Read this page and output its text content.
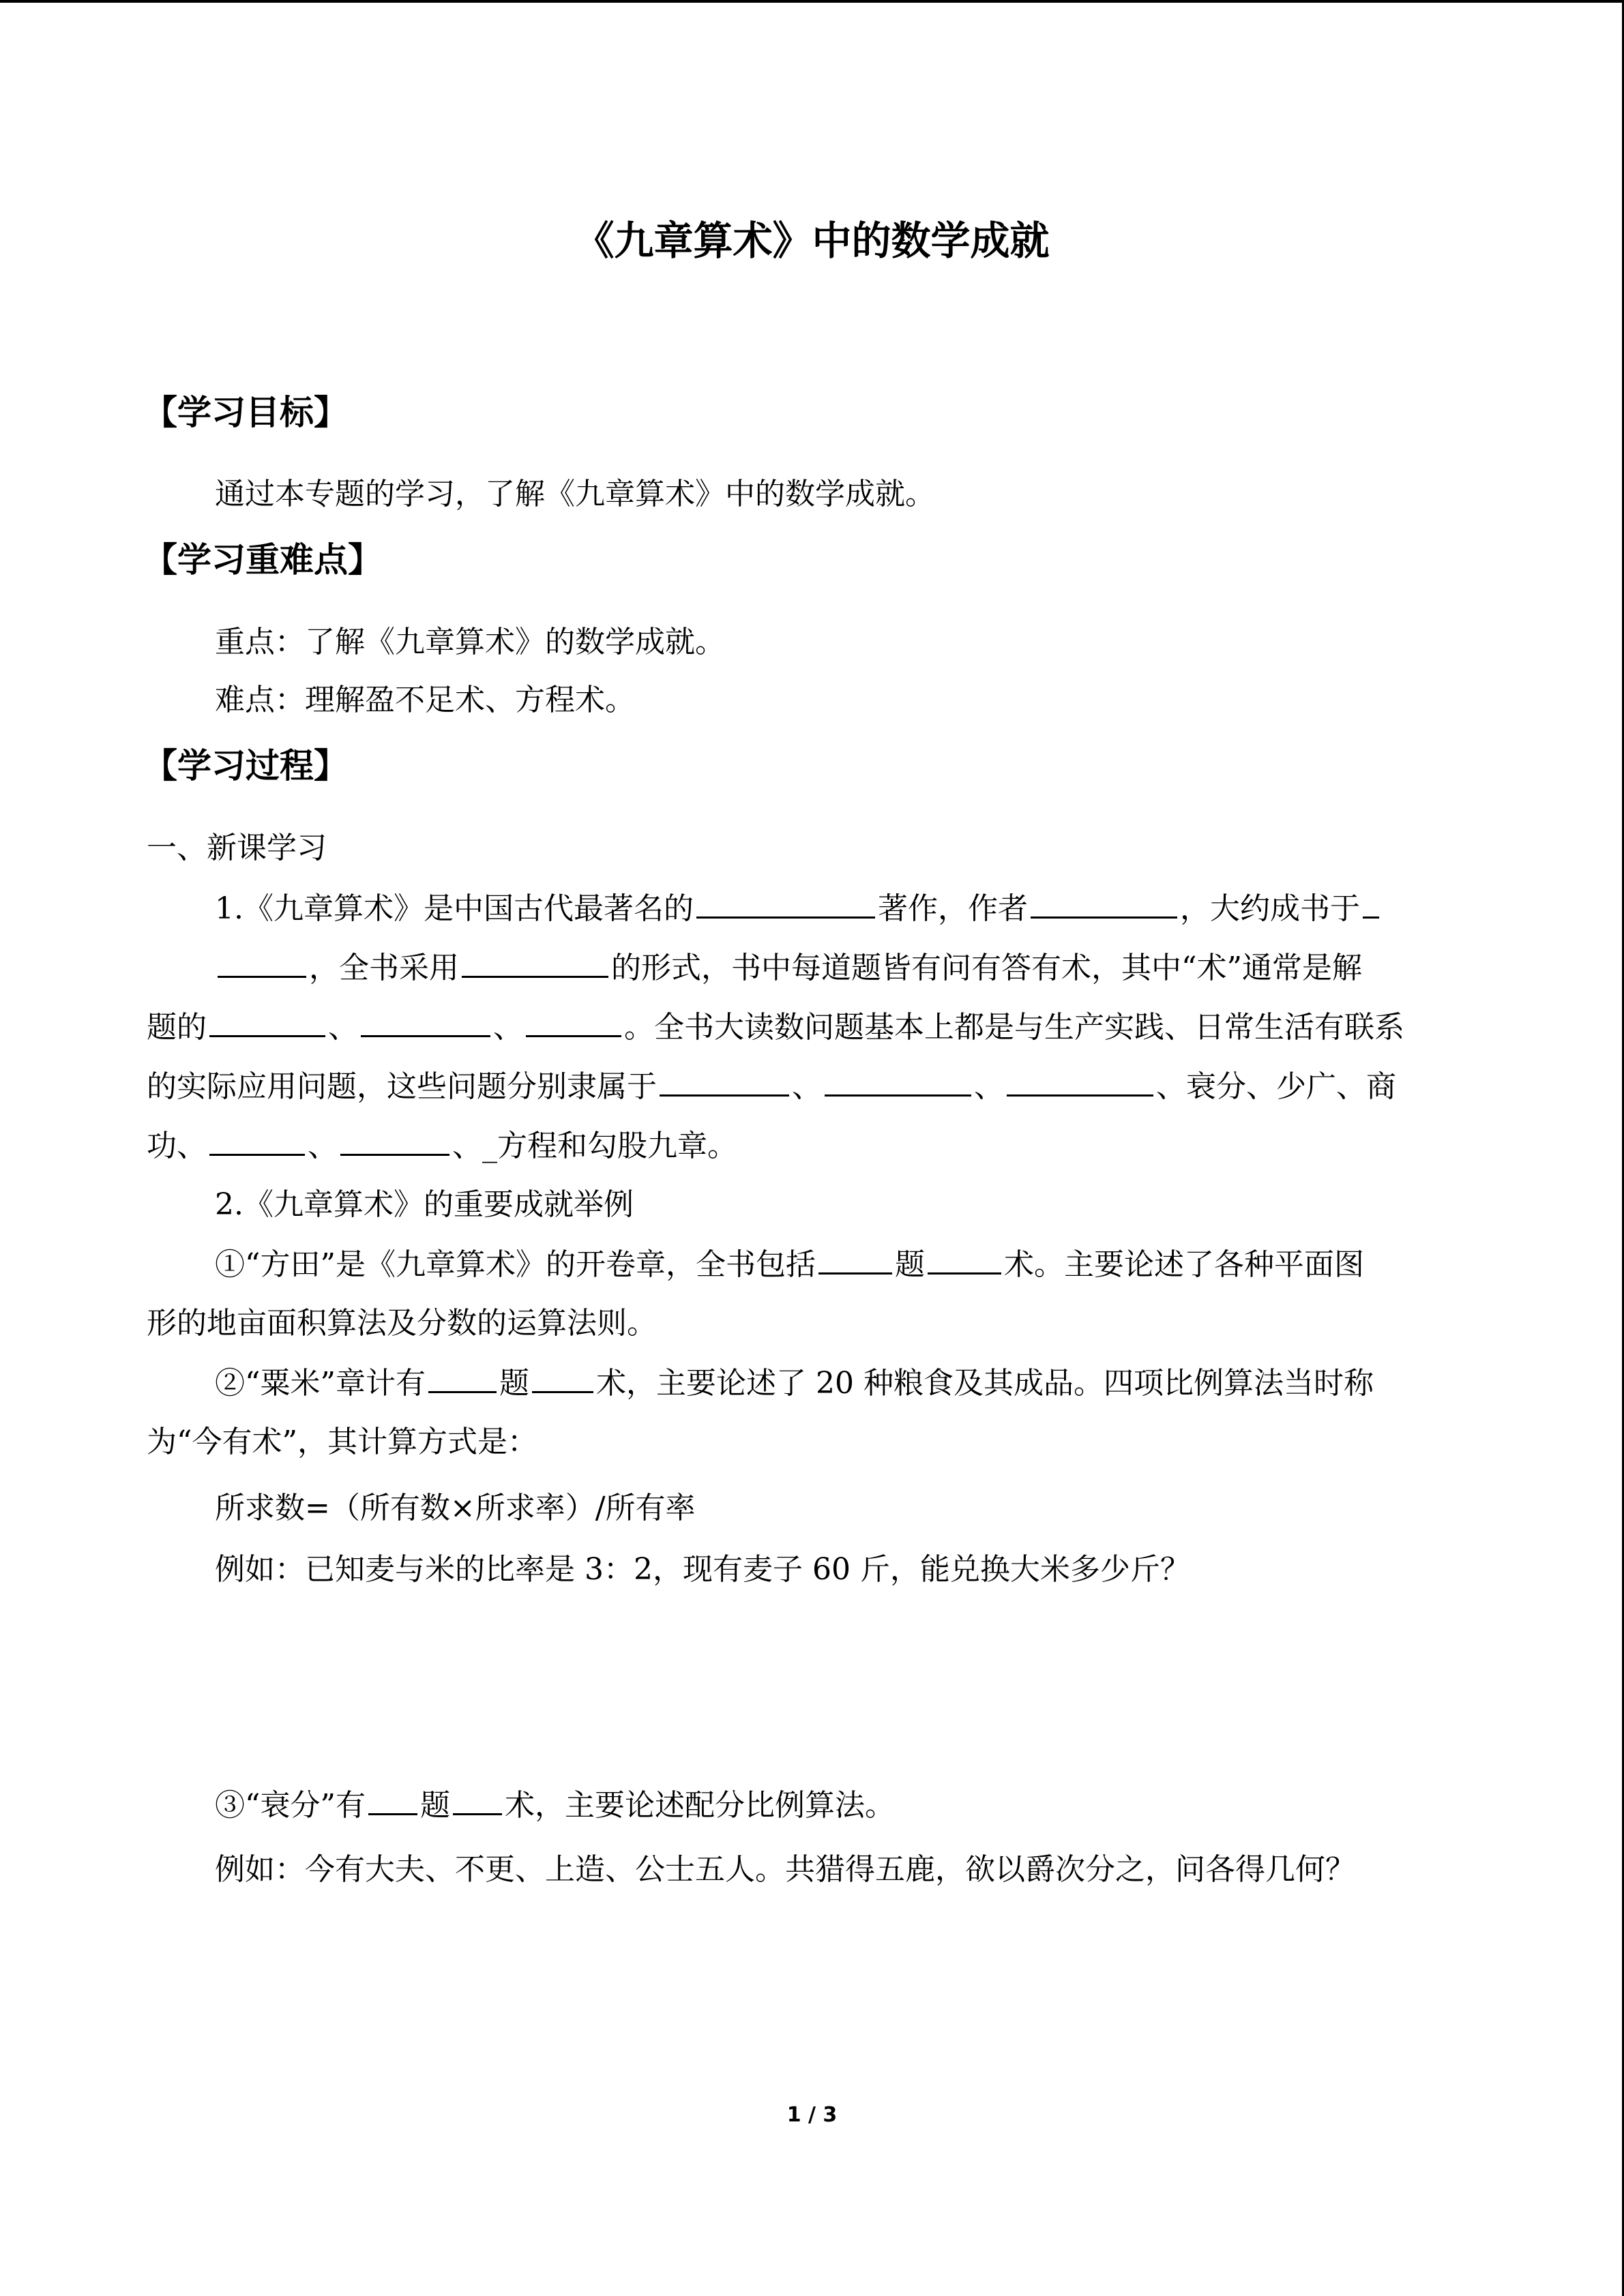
《九章算术》中的数学成就
【学习目标】

通过本专题的学习，了解《九章算术》中的数学成就。

【学习重难点】

重点：了解《九章算术》的数学成就。

难点：理解盈不足术、方程术。

【学习过程】

一、新课学习

1.《九章算术》是中国古代最著名的	著作，作者	，大约成书于

，全书采用	的形式，书中每道题皆有问有答有术，其中“术”通常是解

题的	、	、	。全书大读数问题基本上都是与生产实践、日常生活有联系

的实际应用问题，这些问题分别隶属于	、	、	、衰分、少广、商

功、	、	、_方程和勾股九章。

2.《九章算术》的重要成就举例

①“方田”是《九章算术》的开卷章，全书包括	题	术。主要论述了各种平面图

形的地亩面积算法及分数的运算法则。

②“粟米”章计有 题 术，主要论述了 20 种粮食及其成品。四项比例算法当时称

为“今有术”，其计算方式是：

所求数=（所有数×所求率）/所有率

例如：已知麦与米的比率是 3：2，现有麦子 60 斤，能兑换大米多少斤？

③“衰分”有 题 术，主要论述配分比例算法。

例如：今有大夫、不更、上造、公士五人。共猎得五鹿，欲以爵次分之，问各得几何？

1 / 3
